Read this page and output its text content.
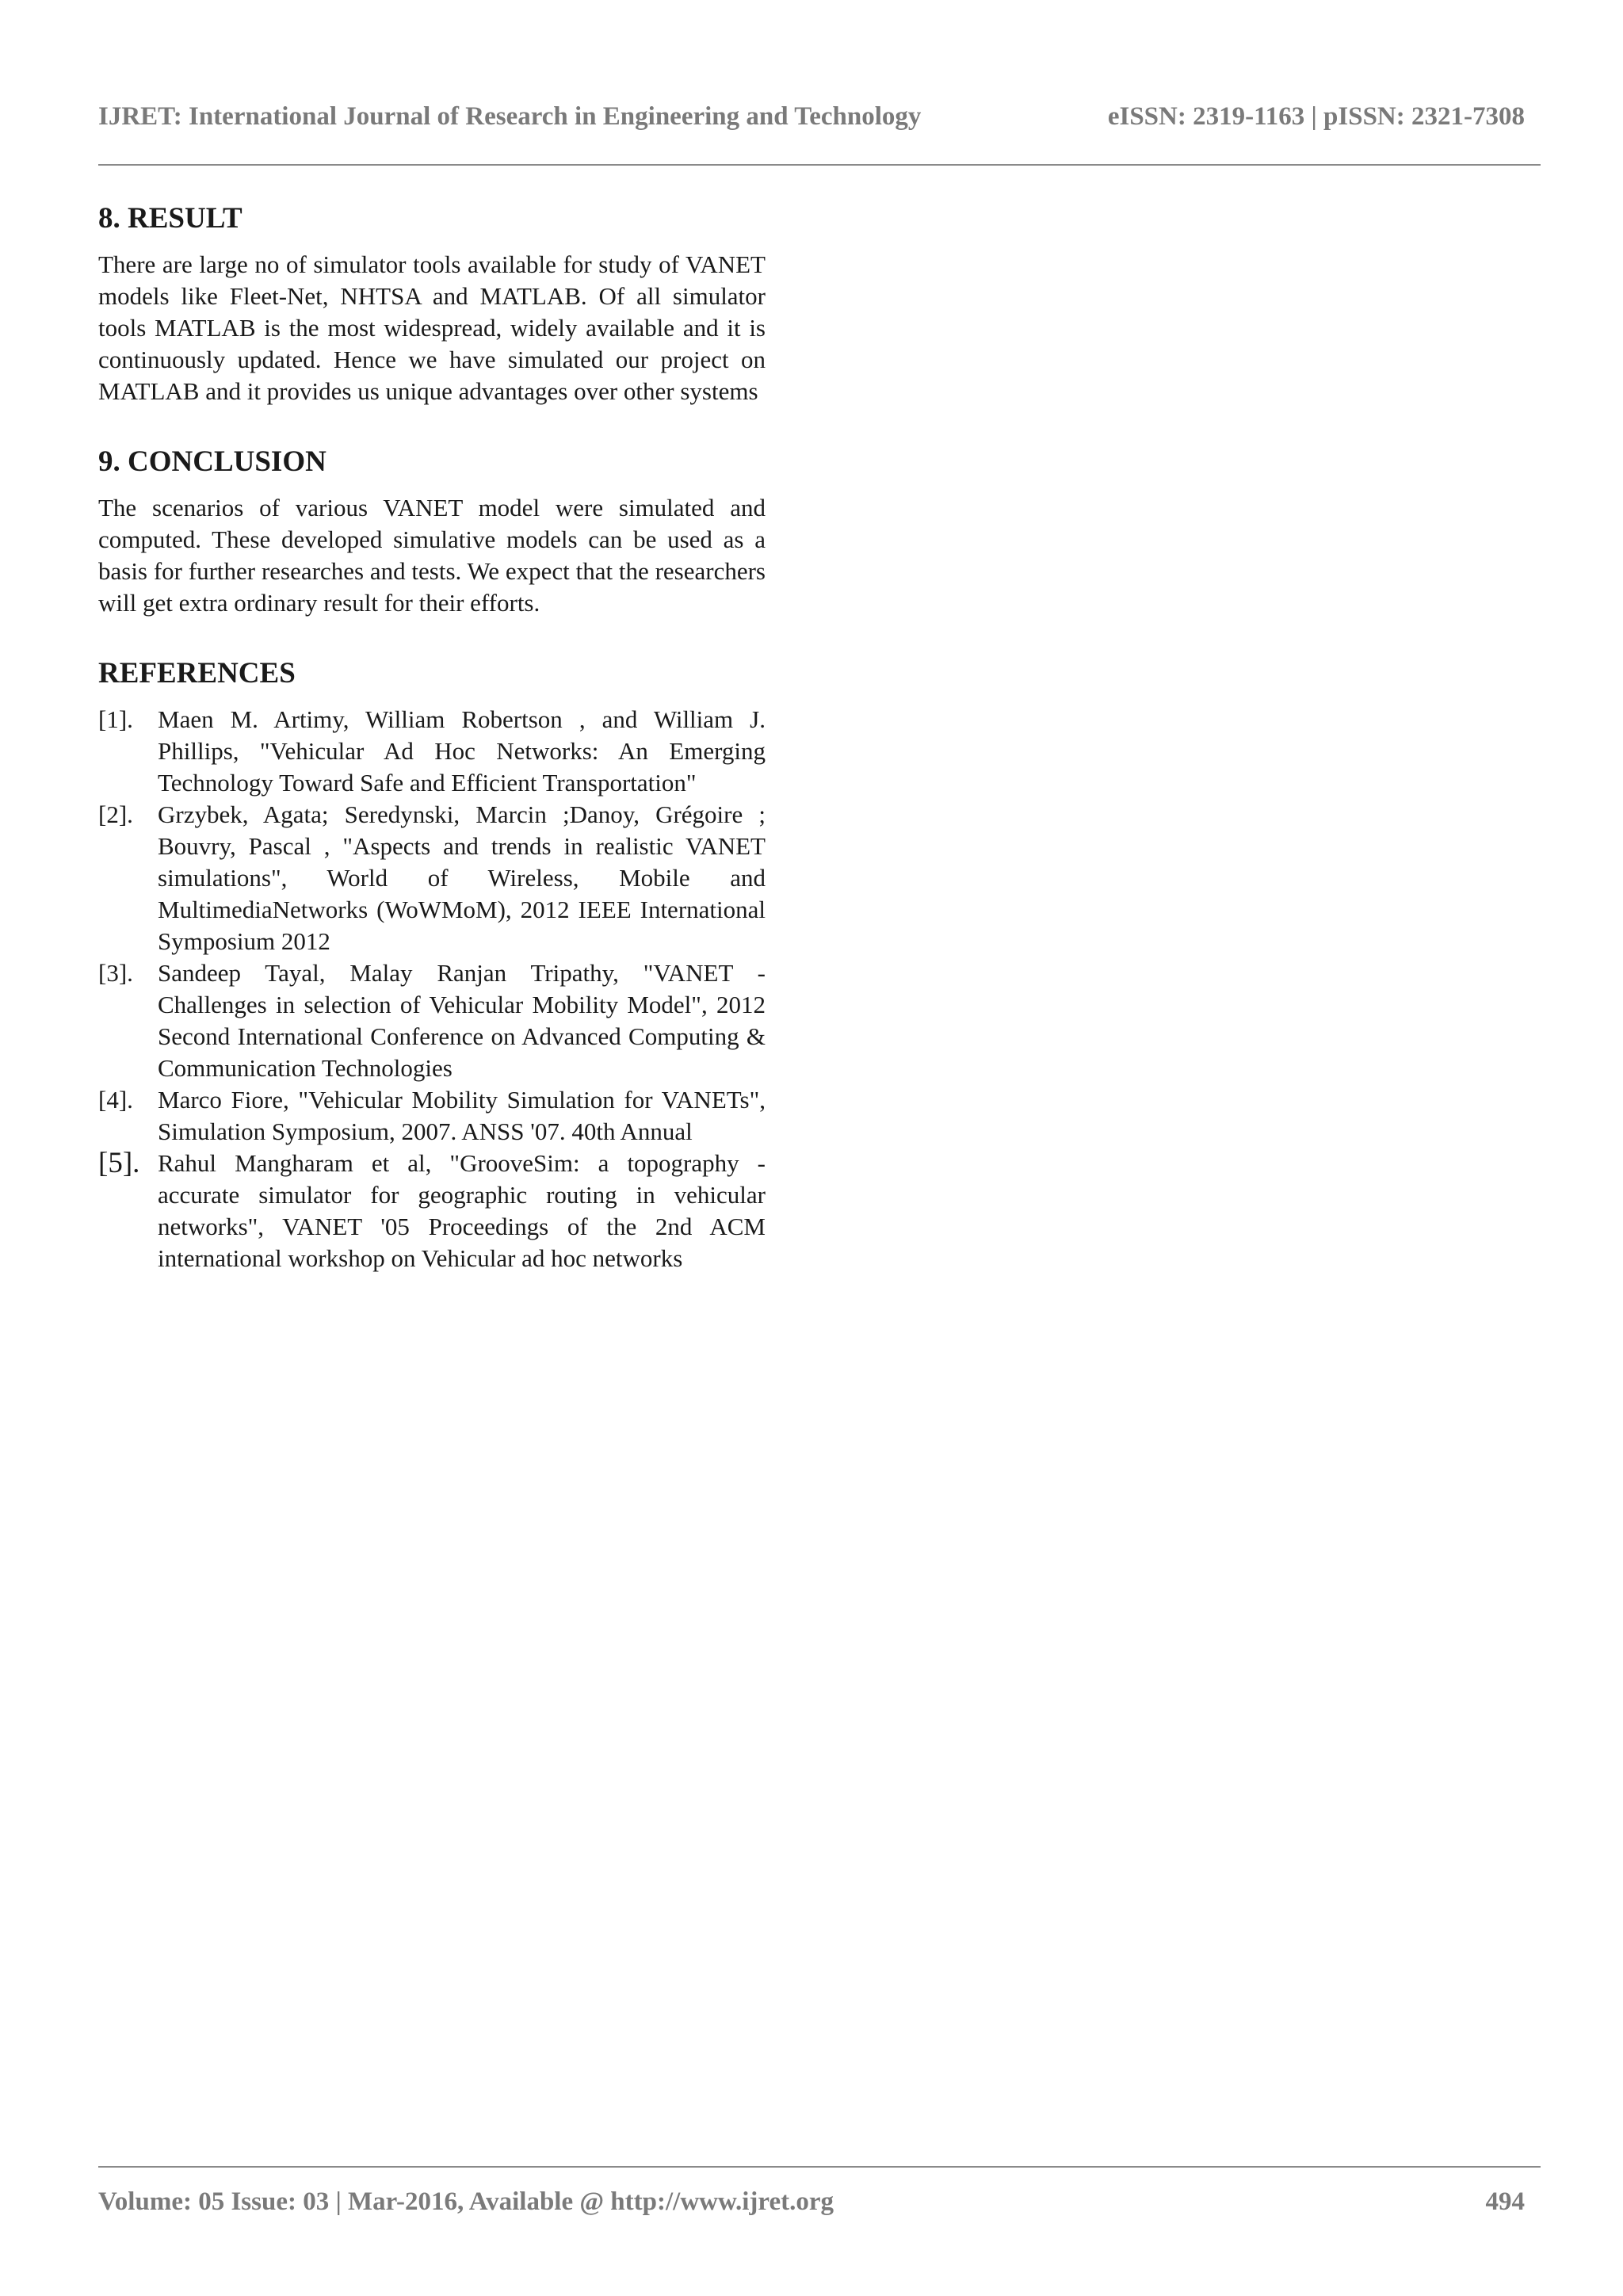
IJRET: International Journal of Research in Engineering and Technology	eISSN: 2319-1163 | pISSN: 2321-7308
8. RESULT

There are large no of simulator tools available for study of VANET models like Fleet-Net, NHTSA and MATLAB. Of all simulator tools MATLAB is the most widespread, widely available and it is continuously updated. Hence we have simulated our project on MATLAB and it provides us unique advantages over other systems

9. CONCLUSION

The scenarios of various VANET model were simulated and computed. These developed simulative models can be used as a basis for further researches and tests. We expect that the researchers will get extra ordinary result for their efforts.

REFERENCES
[1].	Maen M. Artimy, William Robertson , and William J. Phillips, "Vehicular Ad Hoc Networks: An Emerging Technology Toward Safe and Efficient Transportation"
[2].	Grzybek, Agata; Seredynski, Marcin ;Danoy, Grégoire ; Bouvry, Pascal , "Aspects and trends in realistic VANET simulations", World of Wireless, Mobile and MultimediaNetworks (WoWMoM), 2012 IEEE International Symposium 2012
[3].	Sandeep Tayal, Malay Ranjan Tripathy, "VANET - Challenges in selection of Vehicular Mobility Model", 2012 Second International Conference on Advanced Computing & Communication Technologies
[4].	Marco Fiore, "Vehicular Mobility Simulation for VANETs", Simulation Symposium, 2007. ANSS '07. 40th Annual
[5]. Rahul Mangharam et al, "GrooveSim: a topography - accurate simulator for geographic routing in vehicular networks", VANET '05 Proceedings of the 2nd ACM international workshop on Vehicular ad hoc networks
Volume: 05 Issue: 03 | Mar-2016, Available @ http://www.ijret.org	494
